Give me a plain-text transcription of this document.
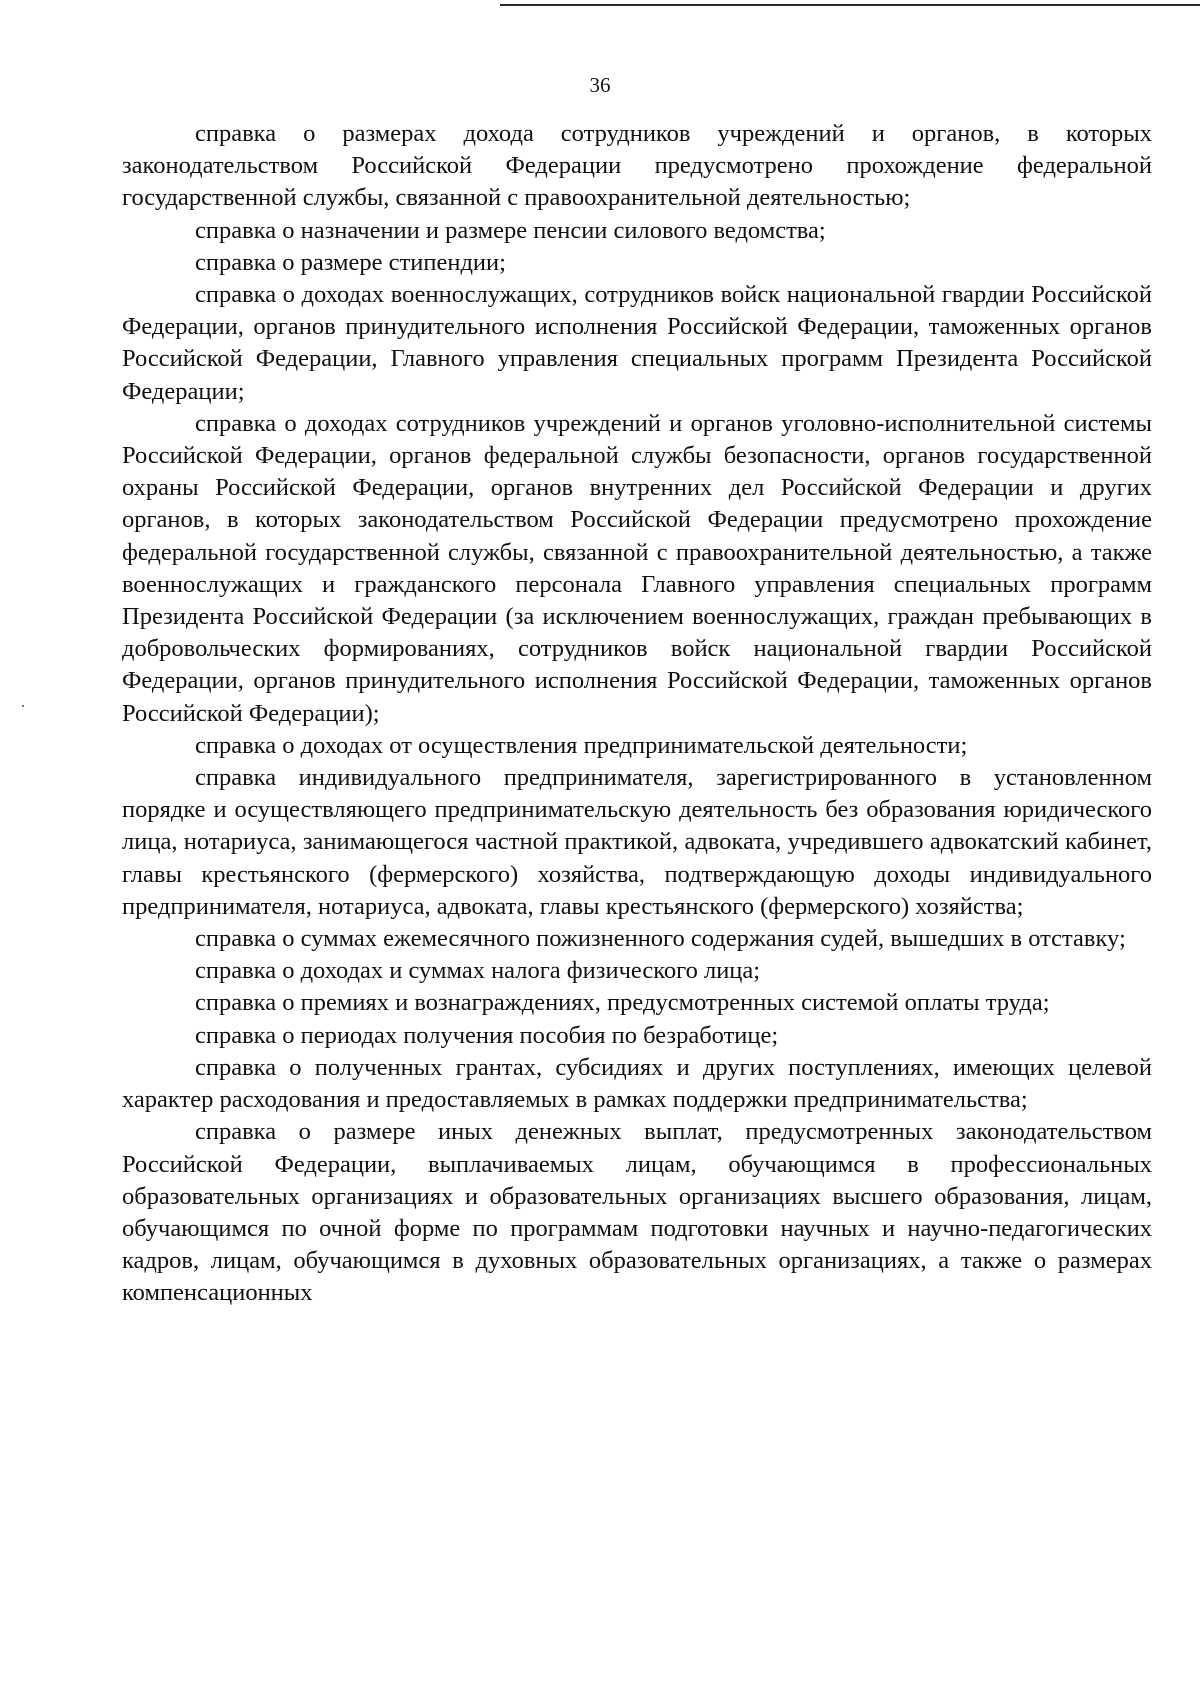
36

справка о размерах дохода сотрудников учреждений и органов, в которых законодательством Российской Федерации предусмотрено прохождение федеральной государственной службы, связанной с правоохранительной деятельностью;

справка о назначении и размере пенсии силового ведомства;

справка о размере стипендии;

справка о доходах военнослужащих, сотрудников войск национальной гвардии Российской Федерации, органов принудительного исполнения Российской Федерации, таможенных органов Российской Федерации, Главного управления специальных программ Президента Российской Федерации;

справка о доходах сотрудников учреждений и органов уголовно-исполнительной системы Российской Федерации, органов федеральной службы безопасности, органов государственной охраны Российской Федерации, органов внутренних дел Российской Федерации и других органов, в которых законодательством Российской Федерации предусмотрено прохождение федеральной государственной службы, связанной с правоохранительной деятельностью, а также военнослужащих и гражданского персонала Главного управления специальных программ Президента Российской Федерации (за исключением военнослужащих, граждан пребывающих в добровольческих формированиях, сотрудников войск национальной гвардии Российской Федерации, органов принудительного исполнения Российской Федерации, таможенных органов Российской Федерации);

справка о доходах от осуществления предпринимательской деятельности;

справка индивидуального предпринимателя, зарегистрированного в установленном порядке и осуществляющего предпринимательскую деятельность без образования юридического лица, нотариуса, занимающегося частной практикой, адвоката, учредившего адвокатский кабинет, главы крестьянского (фермерского) хозяйства, подтверждающую доходы индивидуального предпринимателя, нотариуса, адвоката, главы крестьянского (фермерского) хозяйства;

справка о суммах ежемесячного пожизненного содержания судей, вышедших в отставку;

справка о доходах и суммах налога физического лица;

справка о премиях и вознаграждениях, предусмотренных системой оплаты труда;

справка о периодах получения пособия по безработице;

справка о полученных грантах, субсидиях и других поступлениях, имеющих целевой характер расходования и предоставляемых в рамках поддержки предпринимательства;

справка о размере иных денежных выплат, предусмотренных законодательством Российской Федерации, выплачиваемых лицам, обучающимся в профессиональных образовательных организациях и образовательных организациях высшего образования, лицам, обучающимся по очной форме по программам подготовки научных и научно-педагогических кадров, лицам, обучающимся в духовных образовательных организациях, а также о размерах компенсационных
